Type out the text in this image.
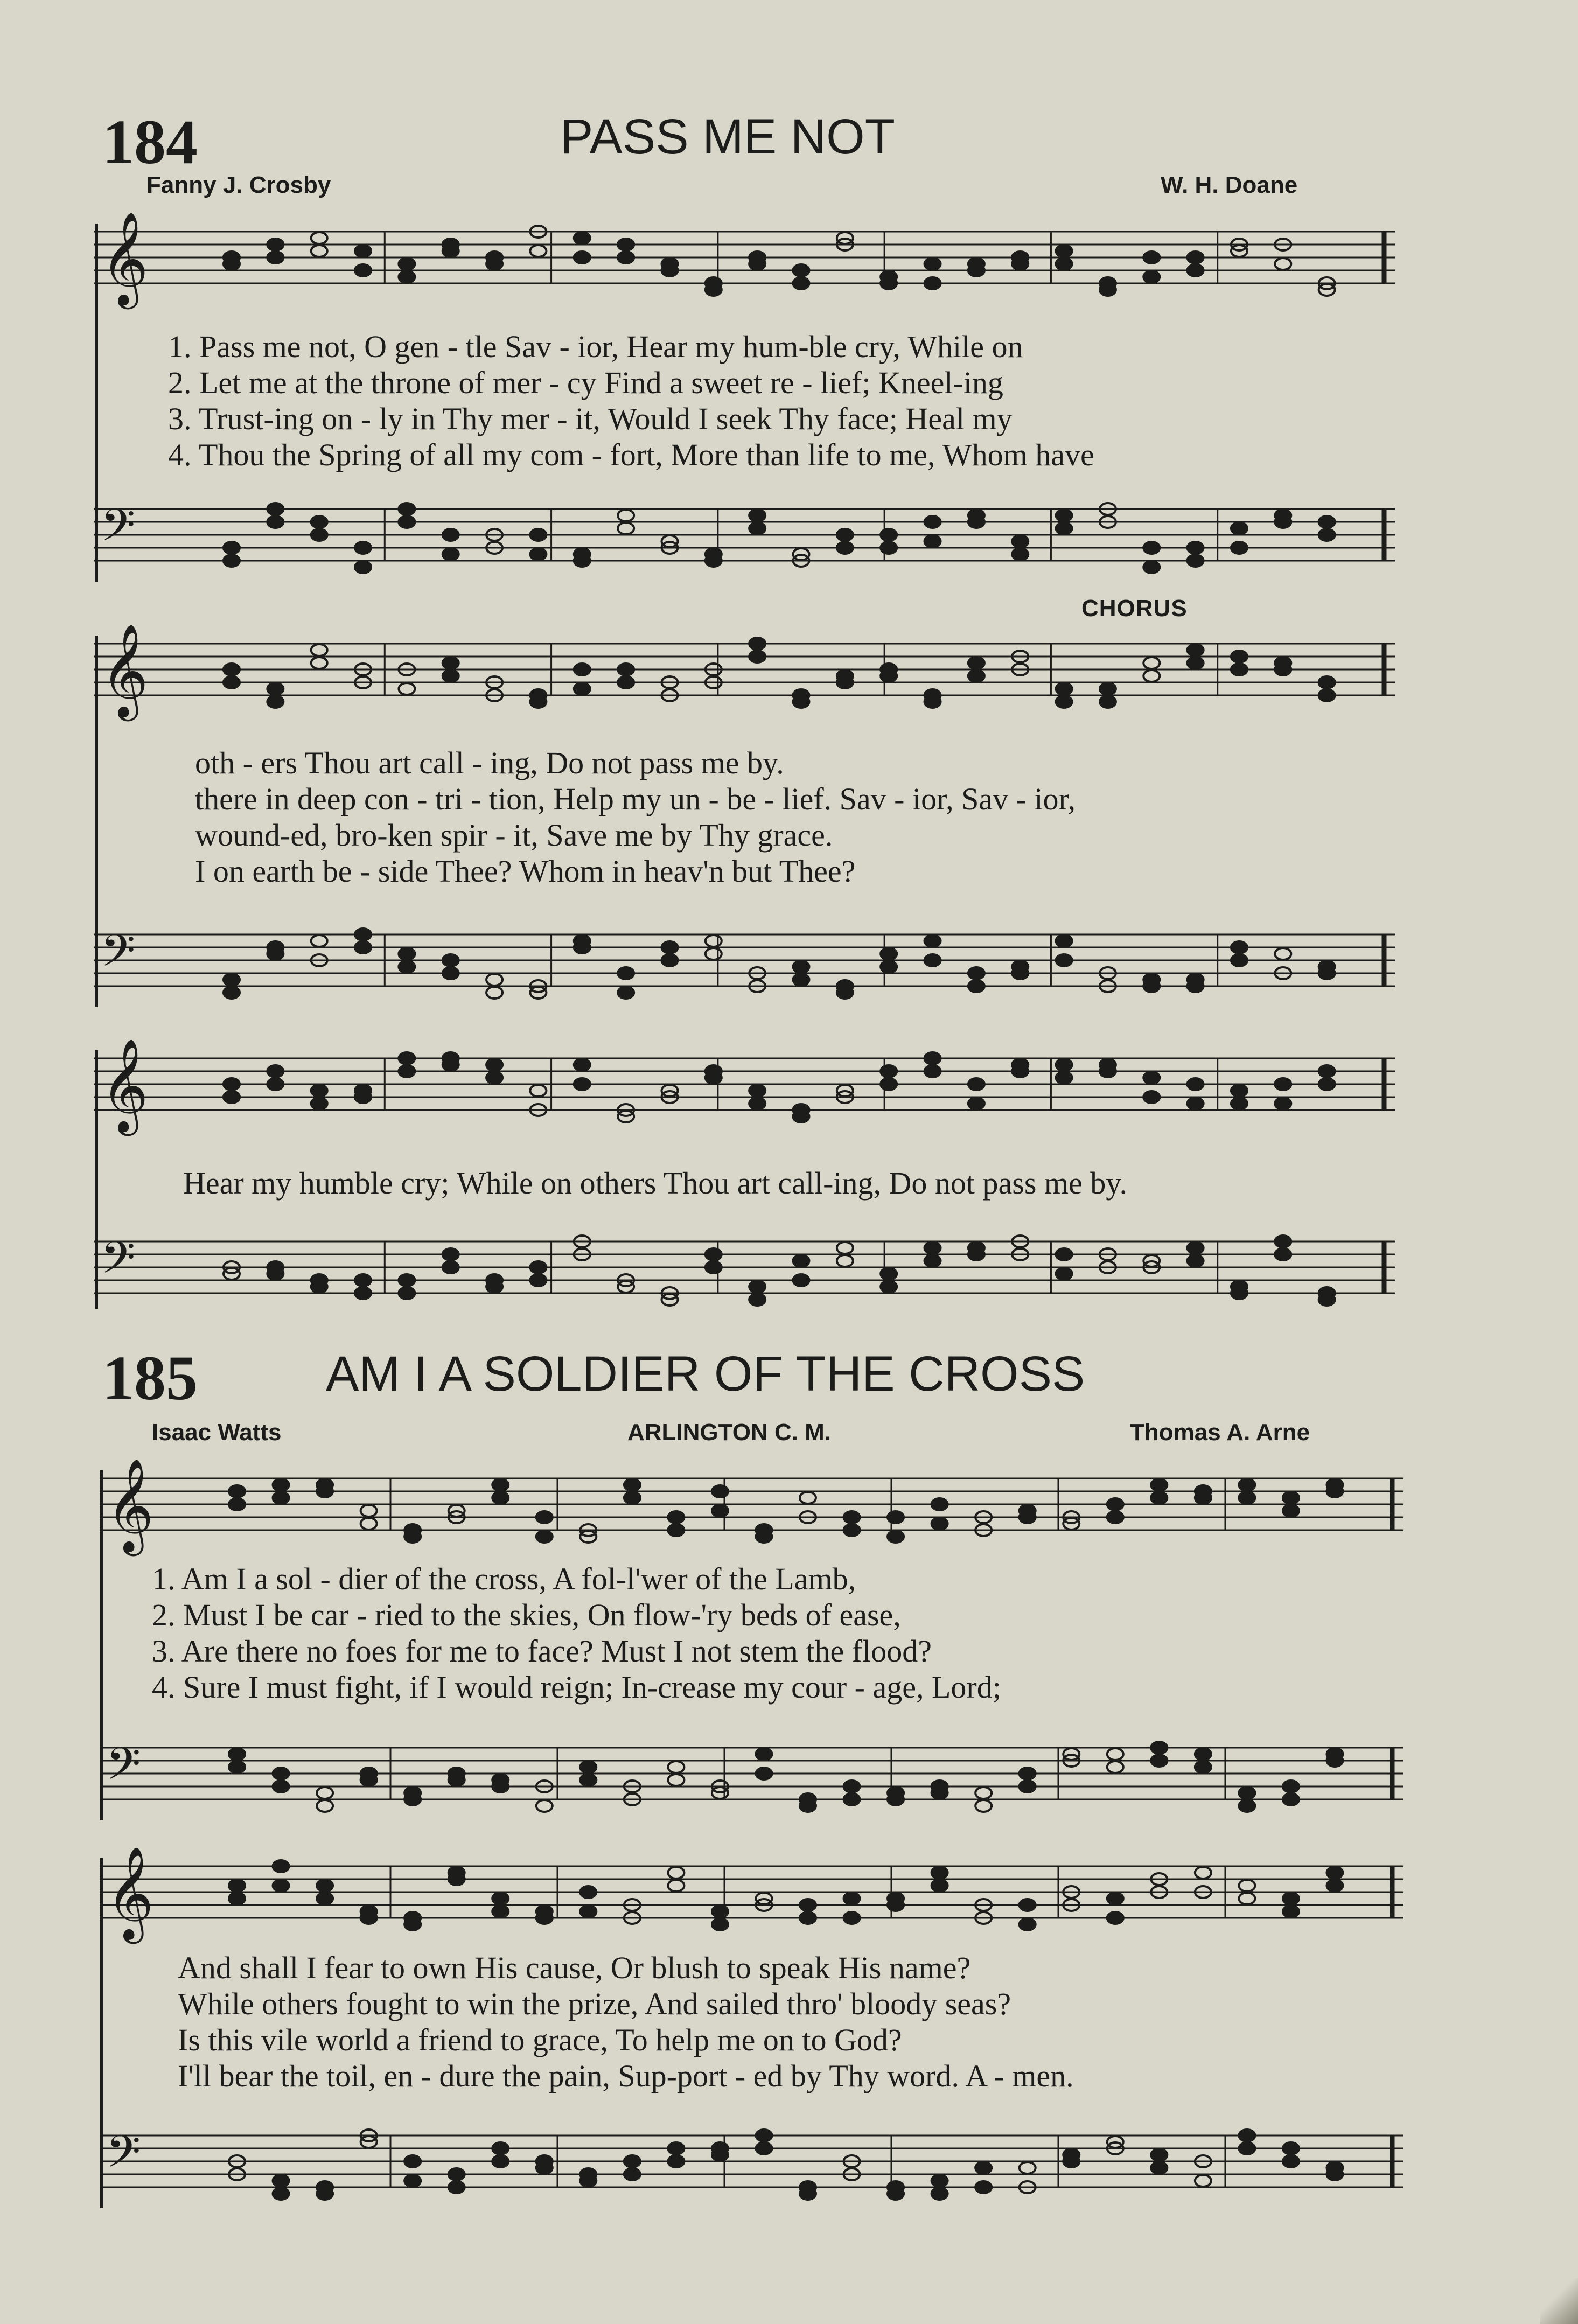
184	PASS ME NOT
Fanny J. Crosby	W. H. Doane
𝄞
1. Pass me not, O gen - tle Sav - ior, Hear my hum-ble cry, While on
2. Let me at the throne of mer - cy Find a sweet re - lief; Kneel-ing
3. Trust-ing on - ly in Thy mer - it, Would I seek Thy face; Heal my
4. Thou the Spring of all my com - fort, More than life to me, Whom have
𝄢
CHORUS
𝄞
oth - ers Thou art call - ing, Do not pass me by.
there in deep con - tri - tion, Help my un - be - lief. Sav - ior, Sav - ior,
wound-ed, bro-ken spir - it, Save me by Thy grace.
I on earth be - side Thee? Whom in heav'n but Thee?
𝄢
𝄞
Hear my humble cry; While on others Thou art call-ing, Do not pass me by.
𝄢
185	AM I A SOLDIER OF THE CROSS
Isaac Watts	ARLINGTON C. M.	Thomas A. Arne
𝄞
1. Am I a sol - dier of the cross, A fol-l'wer of the Lamb,
2. Must I be car - ried to the skies, On flow-'ry beds of ease,
3. Are there no foes for me to face? Must I not stem the flood?
4. Sure I must fight, if I would reign; In-crease my cour - age, Lord;
𝄢
𝄞
And shall I fear to own His cause, Or blush to speak His name?
While others fought to win the prize, And sailed thro' bloody seas?
Is this vile world a friend to grace, To help me on to God?
I'll bear the toil, en - dure the pain, Sup-port - ed by Thy word. A - men.
𝄢
